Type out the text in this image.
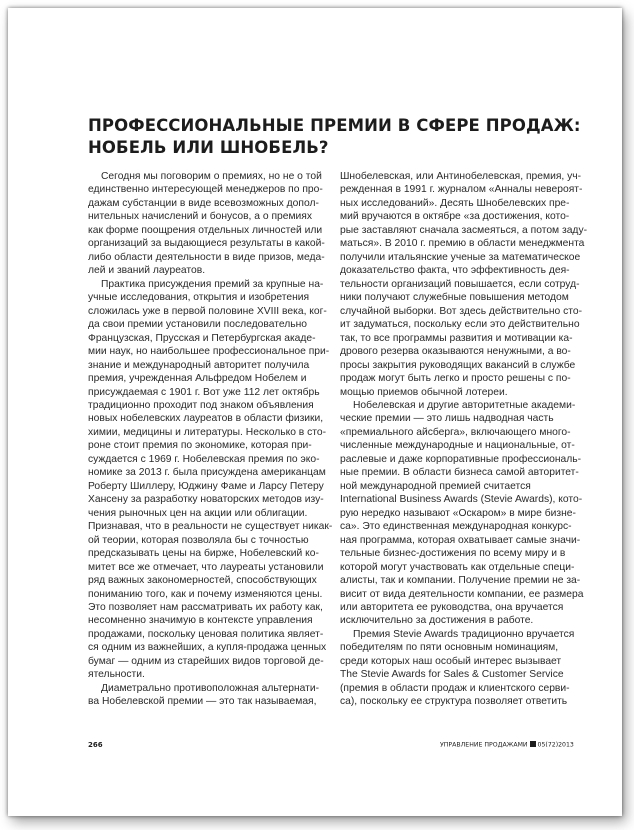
ПРОФЕССИОНАЛЬНЫЕ ПРЕМИИ В СФЕРЕ ПРОДАЖ:
НОБЕЛЬ ИЛИ ШНОБЕЛЬ?
Сегодня мы поговорим о премиях, но не о той
единственно интересующей менеджеров по про-
дажам субстанции в виде всевозможных допол-
нительных начислений и бонусов, а о премиях
как форме поощрения отдельных личностей или
организаций за выдающиеся результаты в какой-
либо области деятельности в виде призов, меда-
лей и званий лауреатов.
Практика присуждения премий за крупные на-
учные исследования, открытия и изобретения
сложилась уже в первой половине XVIII века, ког-
да свои премии установили последовательно
Французская, Прусская и Петербургская акаде-
мии наук, но наибольшее профессиональное при-
знание и международный авторитет получила
премия, учрежденная Альфредом Нобелем и
присуждаемая с 1901 г. Вот уже 112 лет октябрь
традиционно проходит под знаком объявления
новых нобелевских лауреатов в области физики,
химии, медицины и литературы. Несколько в сто-
роне стоит премия по экономике, которая при-
суждается с 1969 г. Нобелевская премия по эко-
номике за 2013 г. была присуждена американцам
Роберту Шиллеру, Юджину Фаме и Ларсу Петеру
Хансену за разработку новаторских методов изу-
чения рыночных цен на акции или облигации.
Признавая, что в реальности не существует никак-
ой теории, которая позволяла бы с точностью
предсказывать цены на бирже, Нобелевский ко-
митет все же отмечает, что лауреаты установили
ряд важных закономерностей, способствующих
пониманию того, как и почему изменяются цены.
Это позволяет нам рассматривать их работу как,
несомненно значимую в контексте управления
продажами, поскольку ценовая политика являет-
ся одним из важнейших, а купля-продажа ценных
бумаг — одним из старейших видов торговой де-
ятельности.
Диаметрально противоположная альтернати-
ва Нобелевской премии — это так называемая,
Шнобелевская, или Антинобелевская, премия, уч-
режденная в 1991 г. журналом «Анналы невероят-
ных исследований». Десять Шнобелевских пре-
мий вручаются в октябре «за достижения, кото-
рые заставляют сначала засмеяться, а потом заду-
маться». В 2010 г. премию в области менеджмента
получили итальянские ученые за математическое
доказательство факта, что эффективность дея-
тельности организаций повышается, если сотруд-
ники получают служебные повышения методом
случайной выборки. Вот здесь действительно сто-
ит задуматься, поскольку если это действительно
так, то все программы развития и мотивации ка-
дрового резерва оказываются ненужными, а во-
просы закрытия руководящих вакансий в службе
продаж могут быть легко и просто решены с по-
мощью приемов обычной лотереи.
Нобелевская и другие авторитетные академи-
ческие премии — это лишь надводная часть
«премиального айсберга», включающего много-
численные международные и национальные, от-
раслевые и даже корпоративные профессиональ-
ные премии. В области бизнеса самой авторитет-
ной международной премией считается
International Business Awards (Stevie Awards), кото-
рую нередко называют «Оскаром» в мире бизне-
са». Это единственная международная конкурс-
ная программа, которая охватывает самые значи-
тельные бизнес-достижения по всему миру и в
которой могут участвовать как отдельные специ-
алисты, так и компании. Получение премии не за-
висит от вида деятельности компании, ее размера
или авторитета ее руководства, она вручается
исключительно за достижения в работе.
Премия Stevie Awards традиционно вручается
победителям по пяти основным номинациям,
среди которых наш особый интерес вызывает
The Stevie Awards for Sales & Customer Service
(премия в области продаж и клиентского серви-
са), поскольку ее структура позволяет ответить
266	УПРАВЛЕНИЕ ПРОДАЖАМИ 05(72)2013
